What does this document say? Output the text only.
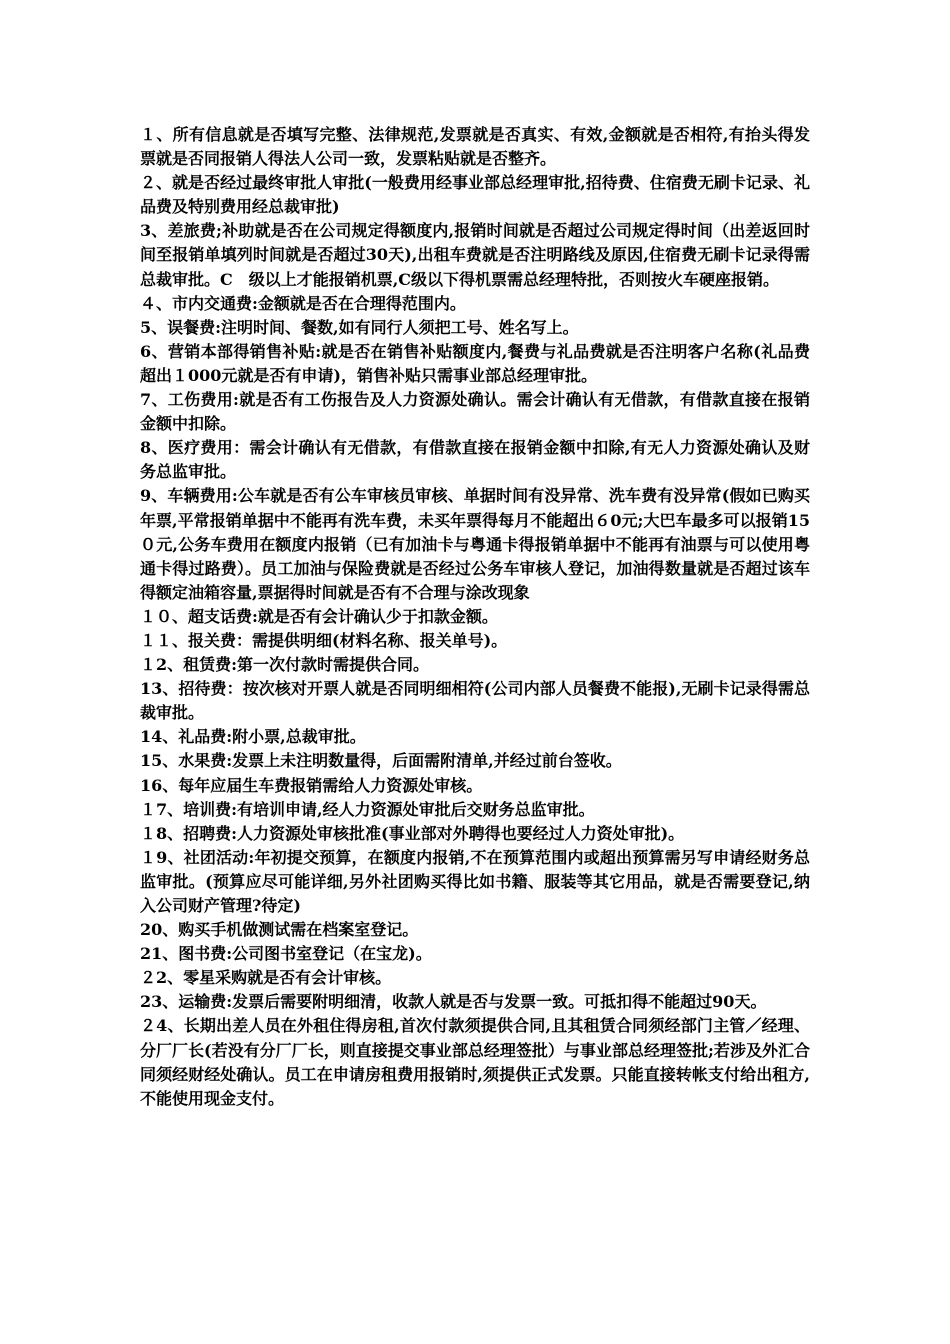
１、所有信息就是否填写完整、法律规范,发票就是否真实、有效,金额就是否相符,有抬头得发票就是否同报销人得法人公司一致，发票粘贴就是否整齐。

２、就是否经过最终审批人审批(一般费用经事业部总经理审批,招待费、住宿费无刷卡记录、礼品费及特别费用经总裁审批)

3、差旅费;补助就是否在公司规定得额度内,报销时间就是否超过公司规定得时间（出差返回时间至报销单填列时间就是否超过30天),出租车费就是否注明路线及原因,住宿费无刷卡记录得需总裁审批。C　级以上才能报销机票,C级以下得机票需总经理特批，否则按火车硬座报销。

４、市内交通费:金额就是否在合理得范围内。

5、误餐费:注明时间、餐数,如有同行人须把工号、姓名写上。

6、营销本部得销售补贴:就是否在销售补贴额度内,餐费与礼品费就是否注明客户名称(礼品费超出１000元就是否有申请)，销售补贴只需事业部总经理审批。

7、工伤费用:就是否有工伤报告及人力资源处确认。需会计确认有无借款，有借款直接在报销金额中扣除。

8、医疗费用：需会计确认有无借款，有借款直接在报销金额中扣除,有无人力资源处确认及财务总监审批。

9、车辆费用:公车就是否有公车审核员审核、单据时间有没异常、洗车费有没异常(假如已购买年票,平常报销单据中不能再有洗车费，未买年票得每月不能超出６0元;大巴车最多可以报销15０元,公务车费用在额度内报销（已有加油卡与粤通卡得报销单据中不能再有油票与可以使用粤通卡得过路费）。员工加油与保险费就是否经过公务车审核人登记，加油得数量就是否超过该车得额定油箱容量,票据得时间就是否有不合理与涂改现象

１０、超支话费:就是否有会计确认少于扣款金额。

１１、报关费：需提供明细(材料名称、报关单号)。

１2、租赁费:第一次付款时需提供合同。

13、招待费：按次核对开票人就是否同明细相符(公司内部人员餐费不能报),无刷卡记录得需总裁审批。

14、礼品费:附小票,总裁审批。

15、水果费:发票上未注明数量得，后面需附清单,并经过前台签收。

16、每年应届生车费报销需给人力资源处审核。

１7、培训费:有培训申请,经人力资源处审批后交财务总监审批。

１8、招聘费:人力资源处审核批准(事业部对外聘得也要经过人力资处审批)。

１9、社团活动:年初提交预算，在额度内报销,不在预算范围内或超出预算需另写申请经财务总监审批。(预算应尽可能详细,另外社团购买得比如书籍、服装等其它用品，就是否需要登记,纳入公司财产管理?待定)

20、购买手机做测试需在档案室登记。

21、图书费:公司图书室登记（在宝龙)。

２2、零星采购就是否有会计审核。

23、运输费:发票后需要附明细清，收款人就是否与发票一致。可抵扣得不能超过90天。

２4、长期出差人员在外租住得房租,首次付款须提供合同,且其租赁合同须经部门主管／经理、分厂厂长(若没有分厂厂长，则直接提交事业部总经理签批）与事业部总经理签批;若涉及外汇合同须经财经处确认。员工在申请房租费用报销时,须提供正式发票。只能直接转帐支付给出租方,不能使用现金支付。
